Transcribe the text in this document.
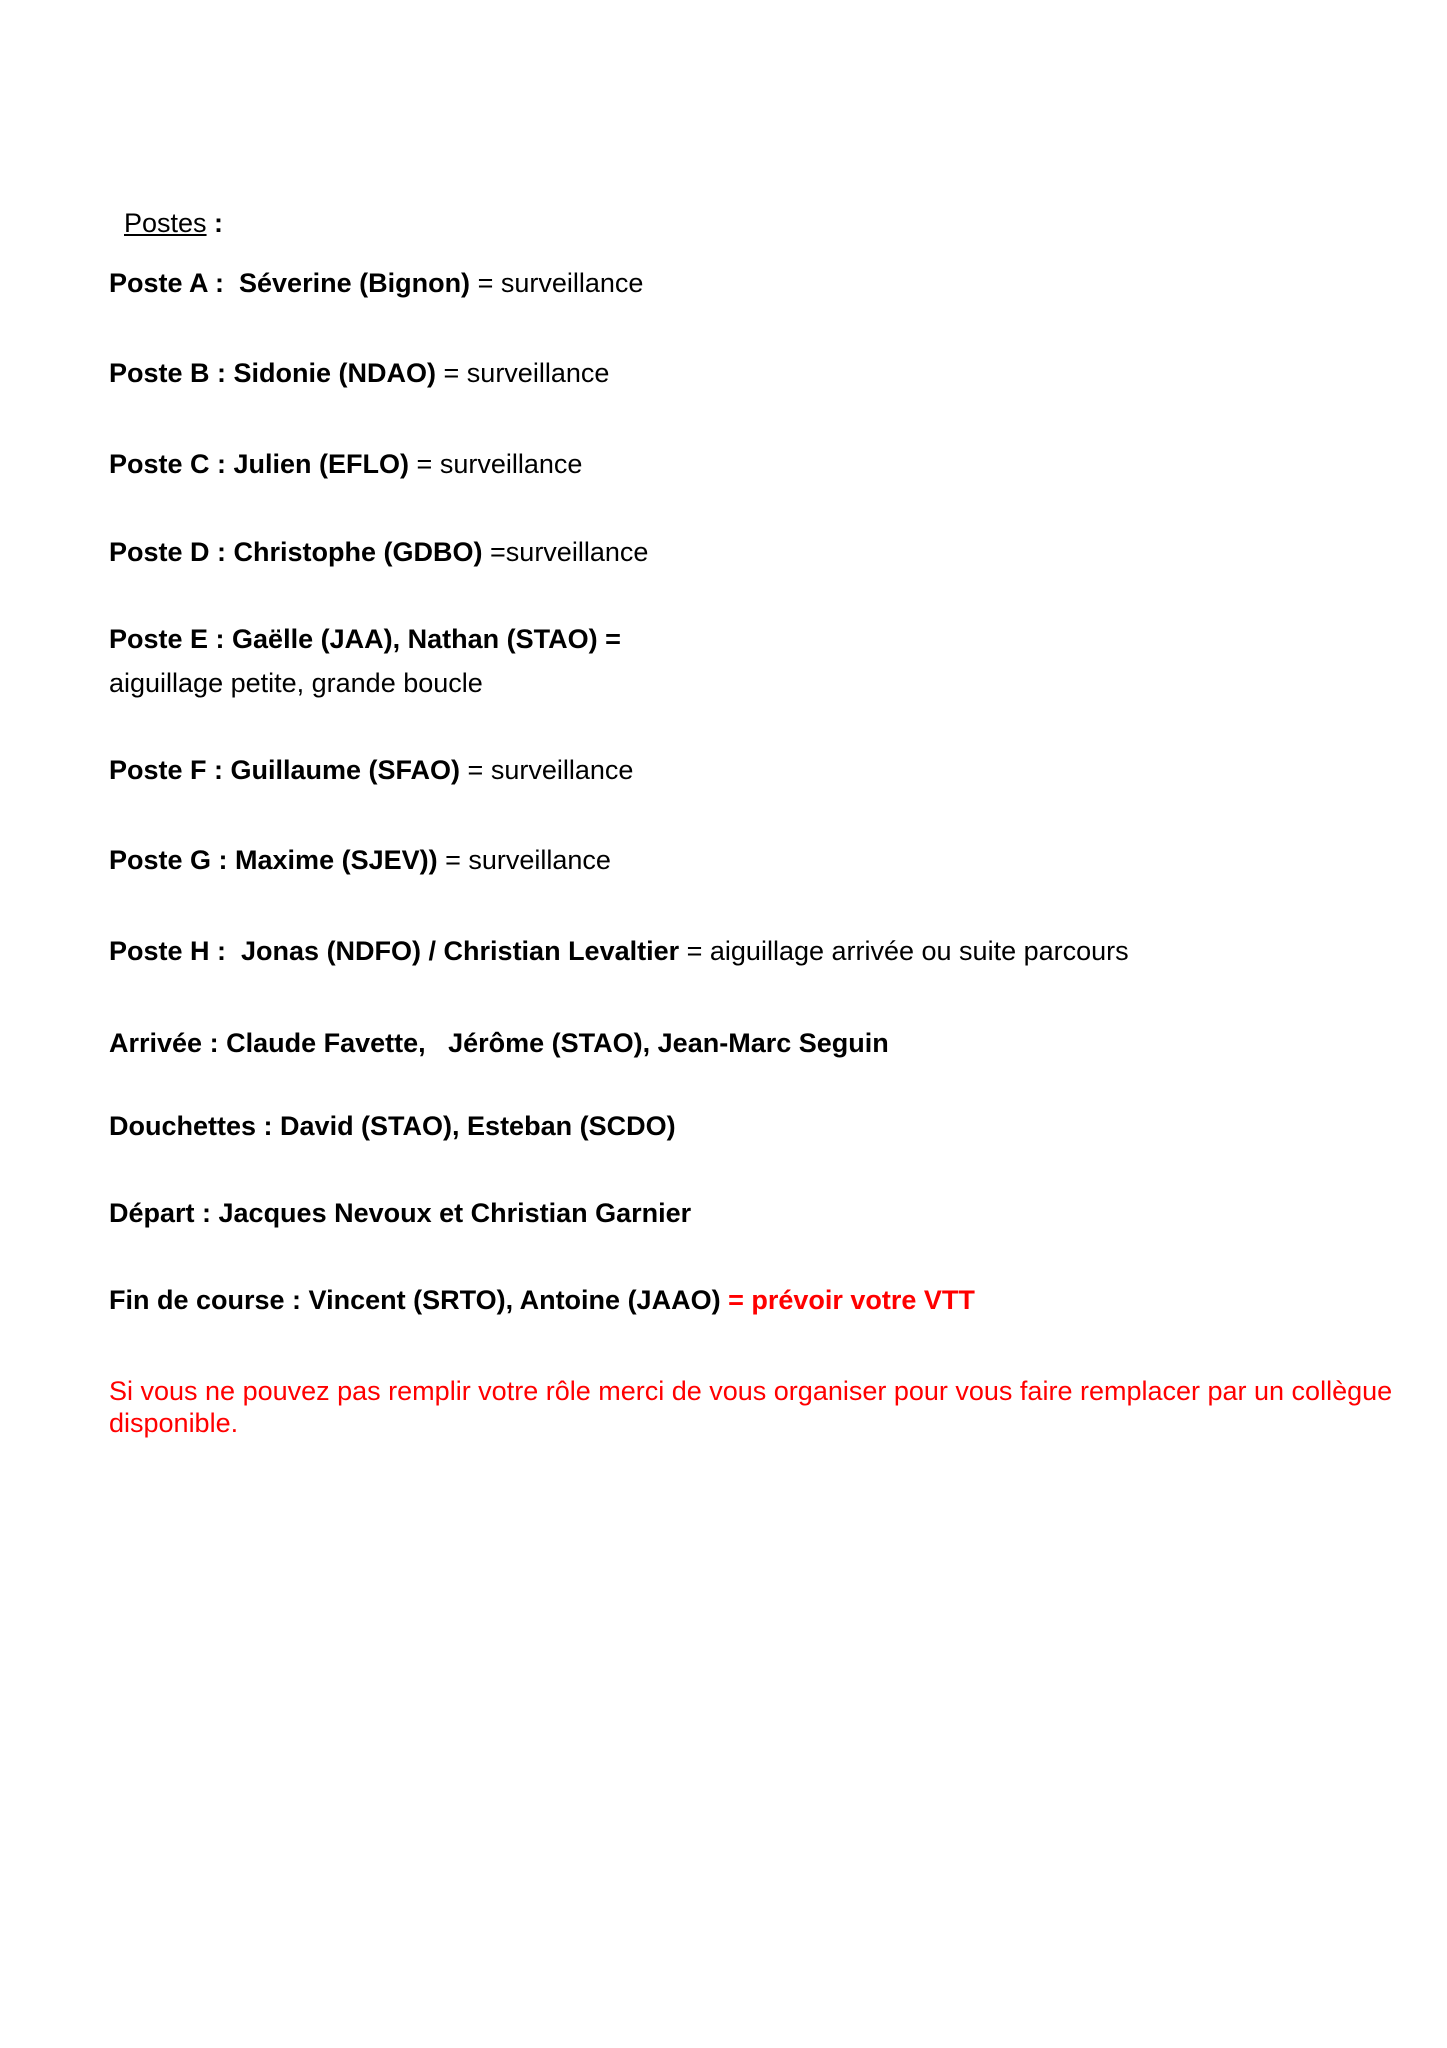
Postes :
Poste A :  Séverine (Bignon) = surveillance
Poste B : Sidonie (NDAO) = surveillance
Poste C : Julien (EFLO) = surveillance
Poste D : Christophe (GDBO) =surveillance
Poste E : Gaëlle (JAA), Nathan (STAO) =
aiguillage petite, grande boucle
Poste F : Guillaume (SFAO) = surveillance
Poste G : Maxime (SJEV)) = surveillance
Poste H :  Jonas (NDFO) / Christian Levaltier = aiguillage arrivée ou suite parcours
Arrivée : Claude Favette,   Jérôme (STAO), Jean-Marc Seguin
Douchettes : David (STAO), Esteban (SCDO)
Départ : Jacques Nevoux et Christian Garnier
Fin de course : Vincent (SRTO), Antoine (JAAO) = prévoir votre VTT
Si vous ne pouvez pas remplir votre rôle merci de vous organiser pour vous faire remplacer par un collègue disponible.
